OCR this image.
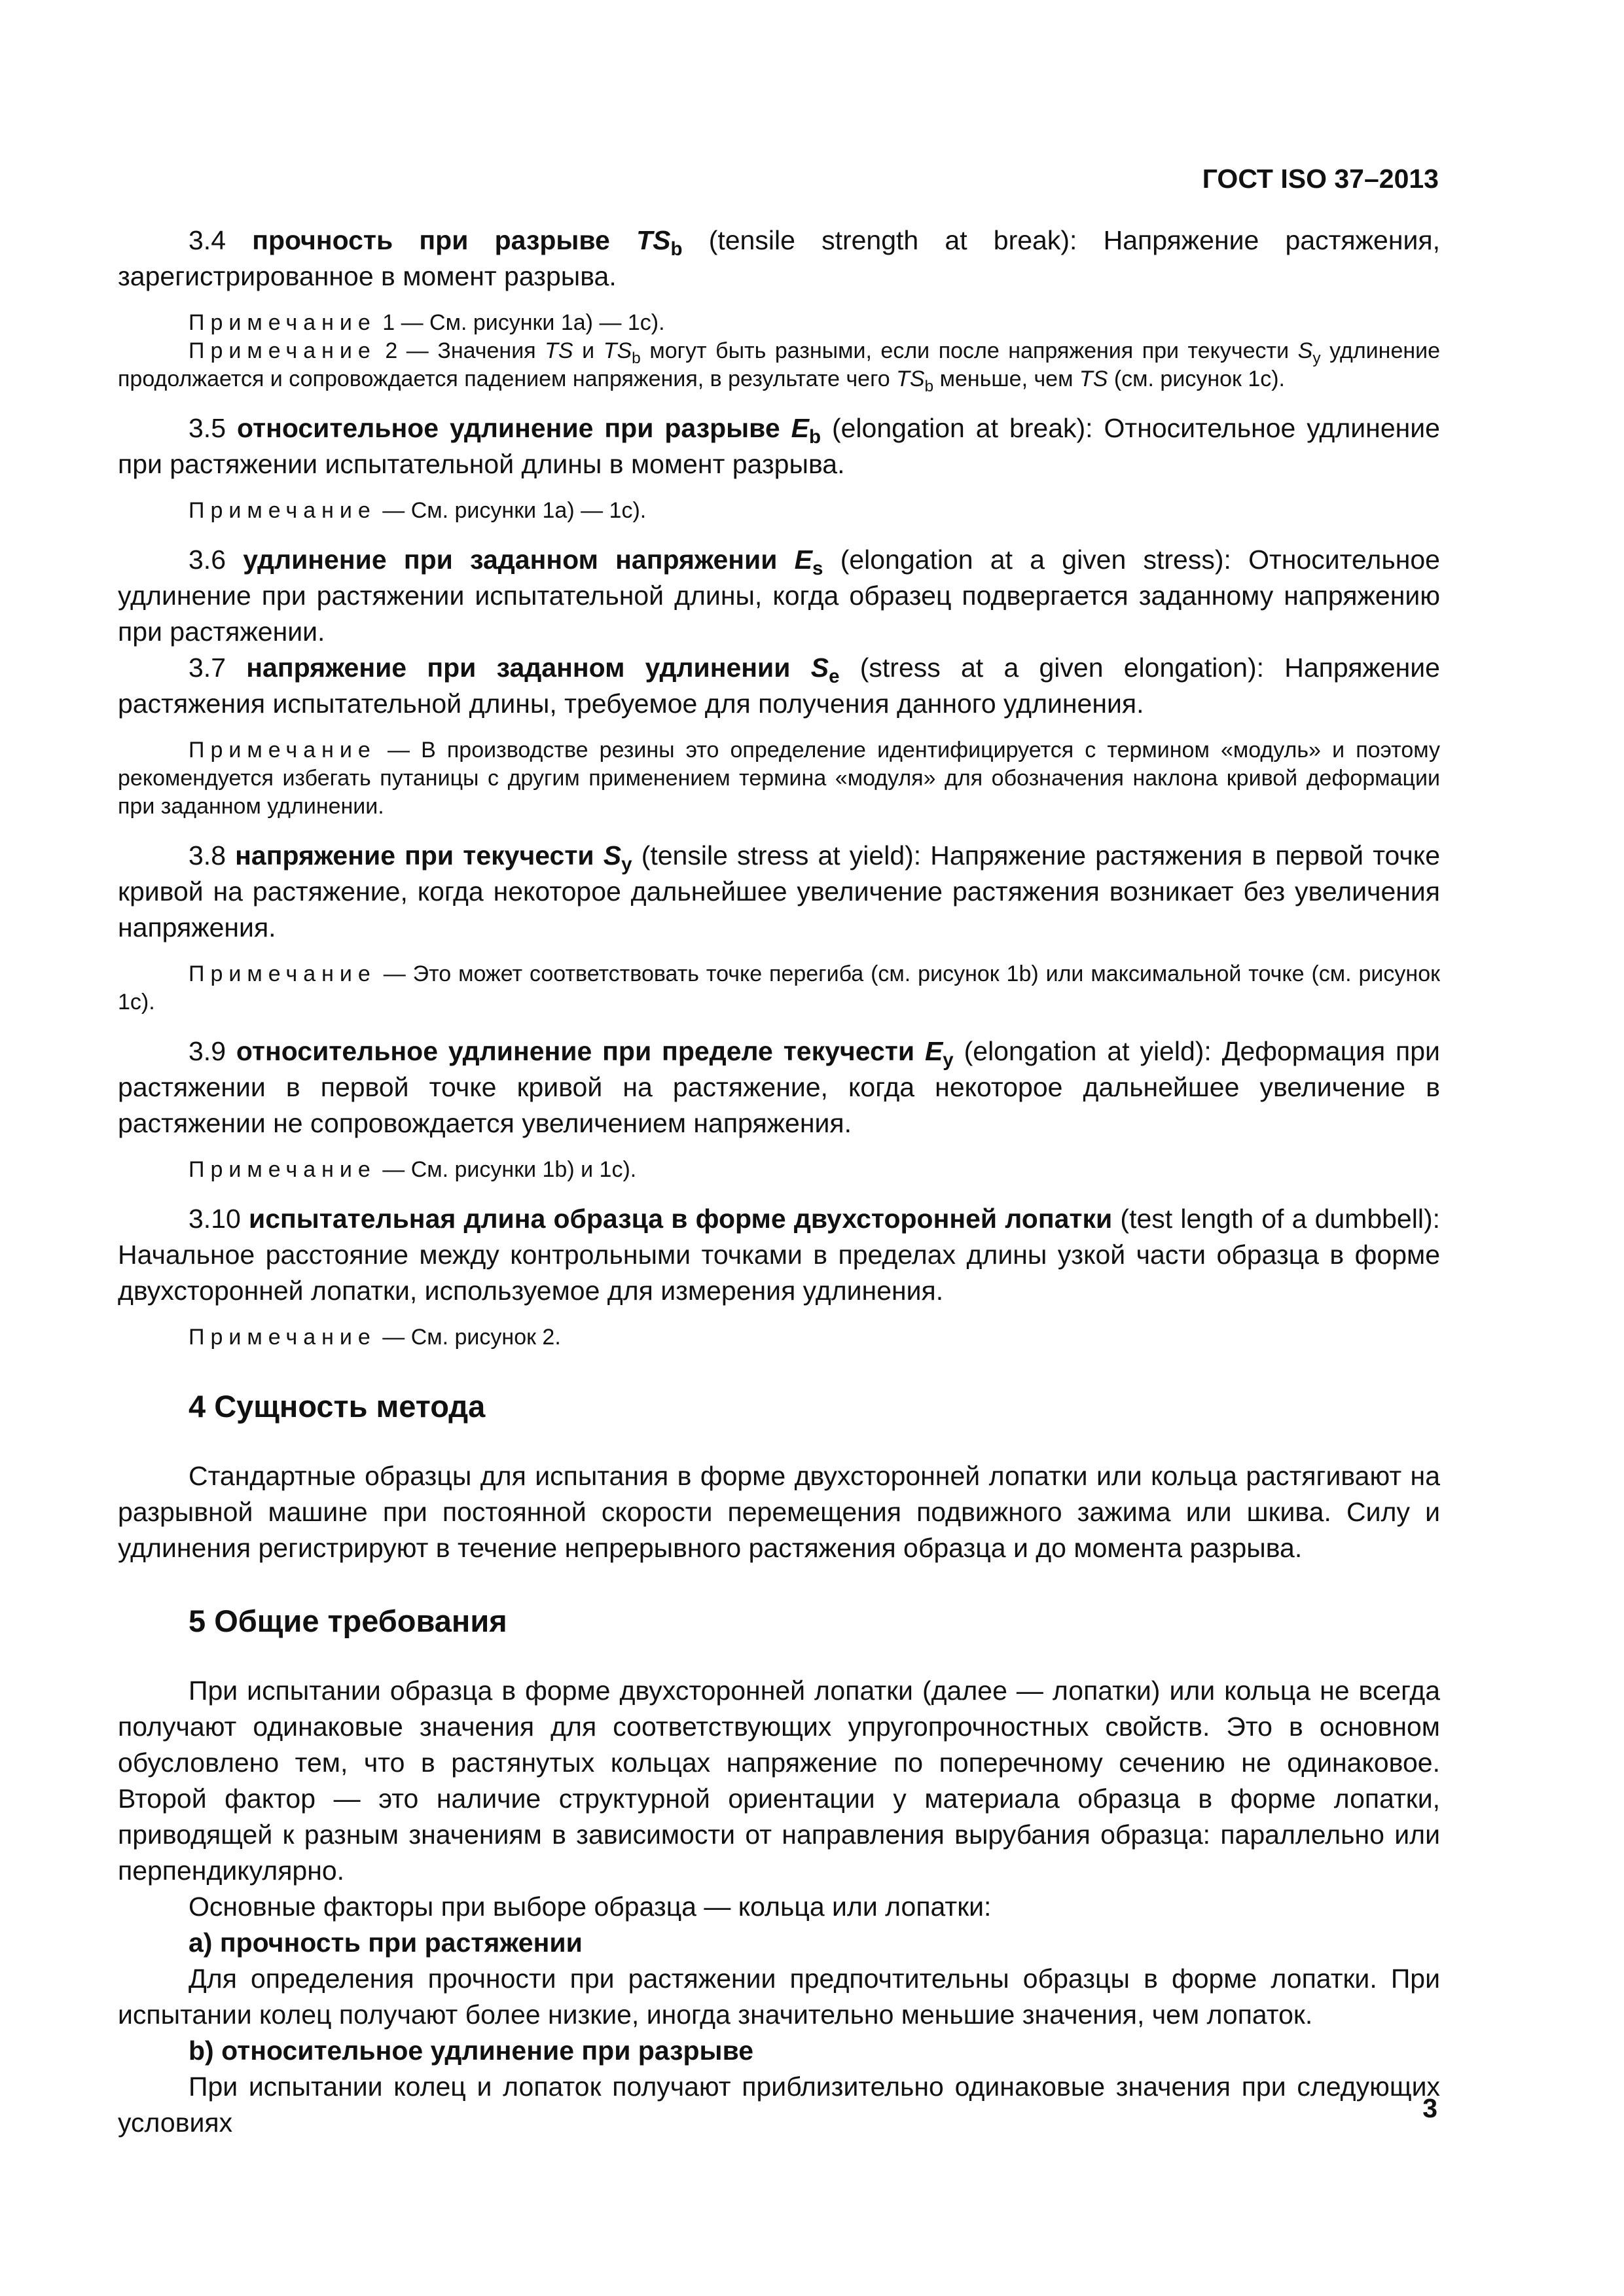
ГОСТ ISO 37–2013

3.4 прочность при разрыве $TS_b$ (tensile strength at break): Напряжение растяжения, зарегистрированное в момент разрыва.

Примечание 1 — См. рисунки 1a) — 1c).

Примечание 2 — Значения TS и $TS_b$ могут быть разными, если после напряжения при текучести $S_y$ удлинение продолжается и сопровождается падением напряжения, в результате чего $TS_b$ меньше, чем TS (см. рисунок 1c).

3.5 относительное удлинение при разрыве $E_b$ (elongation at break): Относительное удлинение при растяжении испытательной длины в момент разрыва.

Примечание — См. рисунки 1a) — 1c).

3.6 удлинение при заданном напряжении $E_s$ (elongation at a given stress): Относительное удлинение при растяжении испытательной длины, когда образец подвергается заданному напряжению при растяжении.

3.7 напряжение при заданном удлинении $S_e$ (stress at a given elongation): Напряжение растяжения испытательной длины, требуемое для получения данного удлинения.

Примечание — В производстве резины это определение идентифицируется с термином «модуль» и поэтому рекомендуется избегать путаницы с другим применением термина «модуля» для обозначения наклона кривой деформации при заданном удлинении.

3.8 напряжение при текучести $S_y$ (tensile stress at yield): Напряжение растяжения в первой точке кривой на растяжение, когда некоторое дальнейшее увеличение растяжения возникает без увеличения напряжения.

Примечание — Это может соответствовать точке перегиба (см. рисунок 1b) или максимальной точке (см. рисунок 1c).

3.9 относительное удлинение при пределе текучести $E_y$ (elongation at yield): Деформация при растяжении в первой точке кривой на растяжение, когда некоторое дальнейшее увеличение в растяжении не сопровождается увеличением напряжения.

Примечание — См. рисунки 1b) и 1c).

3.10 испытательная длина образца в форме двухсторонней лопатки (test length of a dumbbell): Начальное расстояние между контрольными точками в пределах длины узкой части образца в форме двухсторонней лопатки, используемое для измерения удлинения.

Примечание — См. рисунок 2.

4 Сущность метода

Стандартные образцы для испытания в форме двухсторонней лопатки или кольца растягивают на разрывной машине при постоянной скорости перемещения подвижного зажима или шкива. Силу и удлинения регистрируют в течение непрерывного растяжения образца и до момента разрыва.

5 Общие требования

При испытании образца в форме двухсторонней лопатки (далее — лопатки) или кольца не всегда получают одинаковые значения для соответствующих упругопрочностных свойств. Это в основном обусловлено тем, что в растянутых кольцах напряжение по поперечному сечению не одинаковое. Второй фактор — это наличие структурной ориентации у материала образца в форме лопатки, приводящей к разным значениям в зависимости от направления вырубания образца: параллельно или перпендикулярно.

Основные факторы при выборе образца — кольца или лопатки:

a) прочность при растяжении

Для определения прочности при растяжении предпочтительны образцы в форме лопатки. При испытании колец получают более низкие, иногда значительно меньшие значения, чем лопаток.

b) относительное удлинение при разрыве

При испытании колец и лопаток получают приблизительно одинаковые значения при следующих условиях	3
